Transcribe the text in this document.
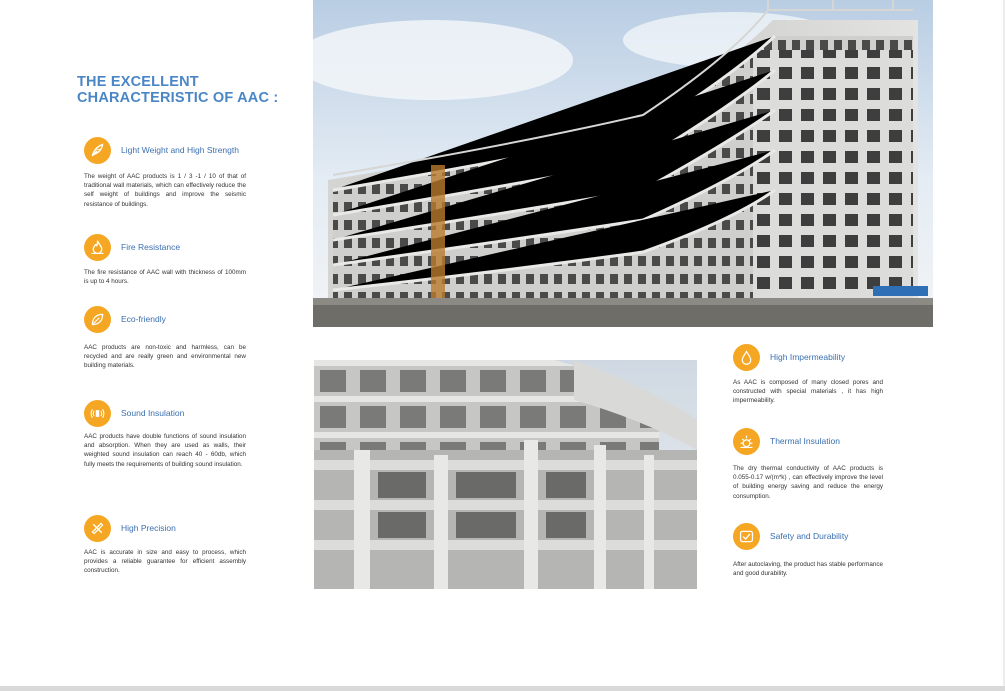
THE EXCELLENT
CHARACTERISTIC OF AAC :
Light Weight and High Strength

The weight of AAC products is 1 / 3 -1 / 10 of that of traditional wall materials, which can effectively reduce the self weight of buildings and improve the seismic resistance of buildings.

Fire Resistance

The fire resistance of AAC wall with thickness of 100mm is up to 4 hours.

Eco-friendly

AAC products are non-toxic and harmless, can be recycled and are really green and environmental new building materials.

Sound Insulation

AAC products have double functions of sound insulation and absorption. When they are used as walls, their weighted sound insulation can reach 40 - 60db, which fully meets the requirements of building sound insulation.

High Precision

AAC is accurate in size and easy to process, which provides a reliable guarantee for efficient assembly construction.

High Impermeability

As AAC is composed of many closed pores and constructed with special materials , it has high impermeability.

Thermal Insulation

The dry thermal conductivity of AAC products is 0.055-0.17 w/(m*k) , can effectively improve the level of building energy saving and reduce the energy consumption.

Safety and Durability

After autoclaving, the product has stable performance and good durability.
